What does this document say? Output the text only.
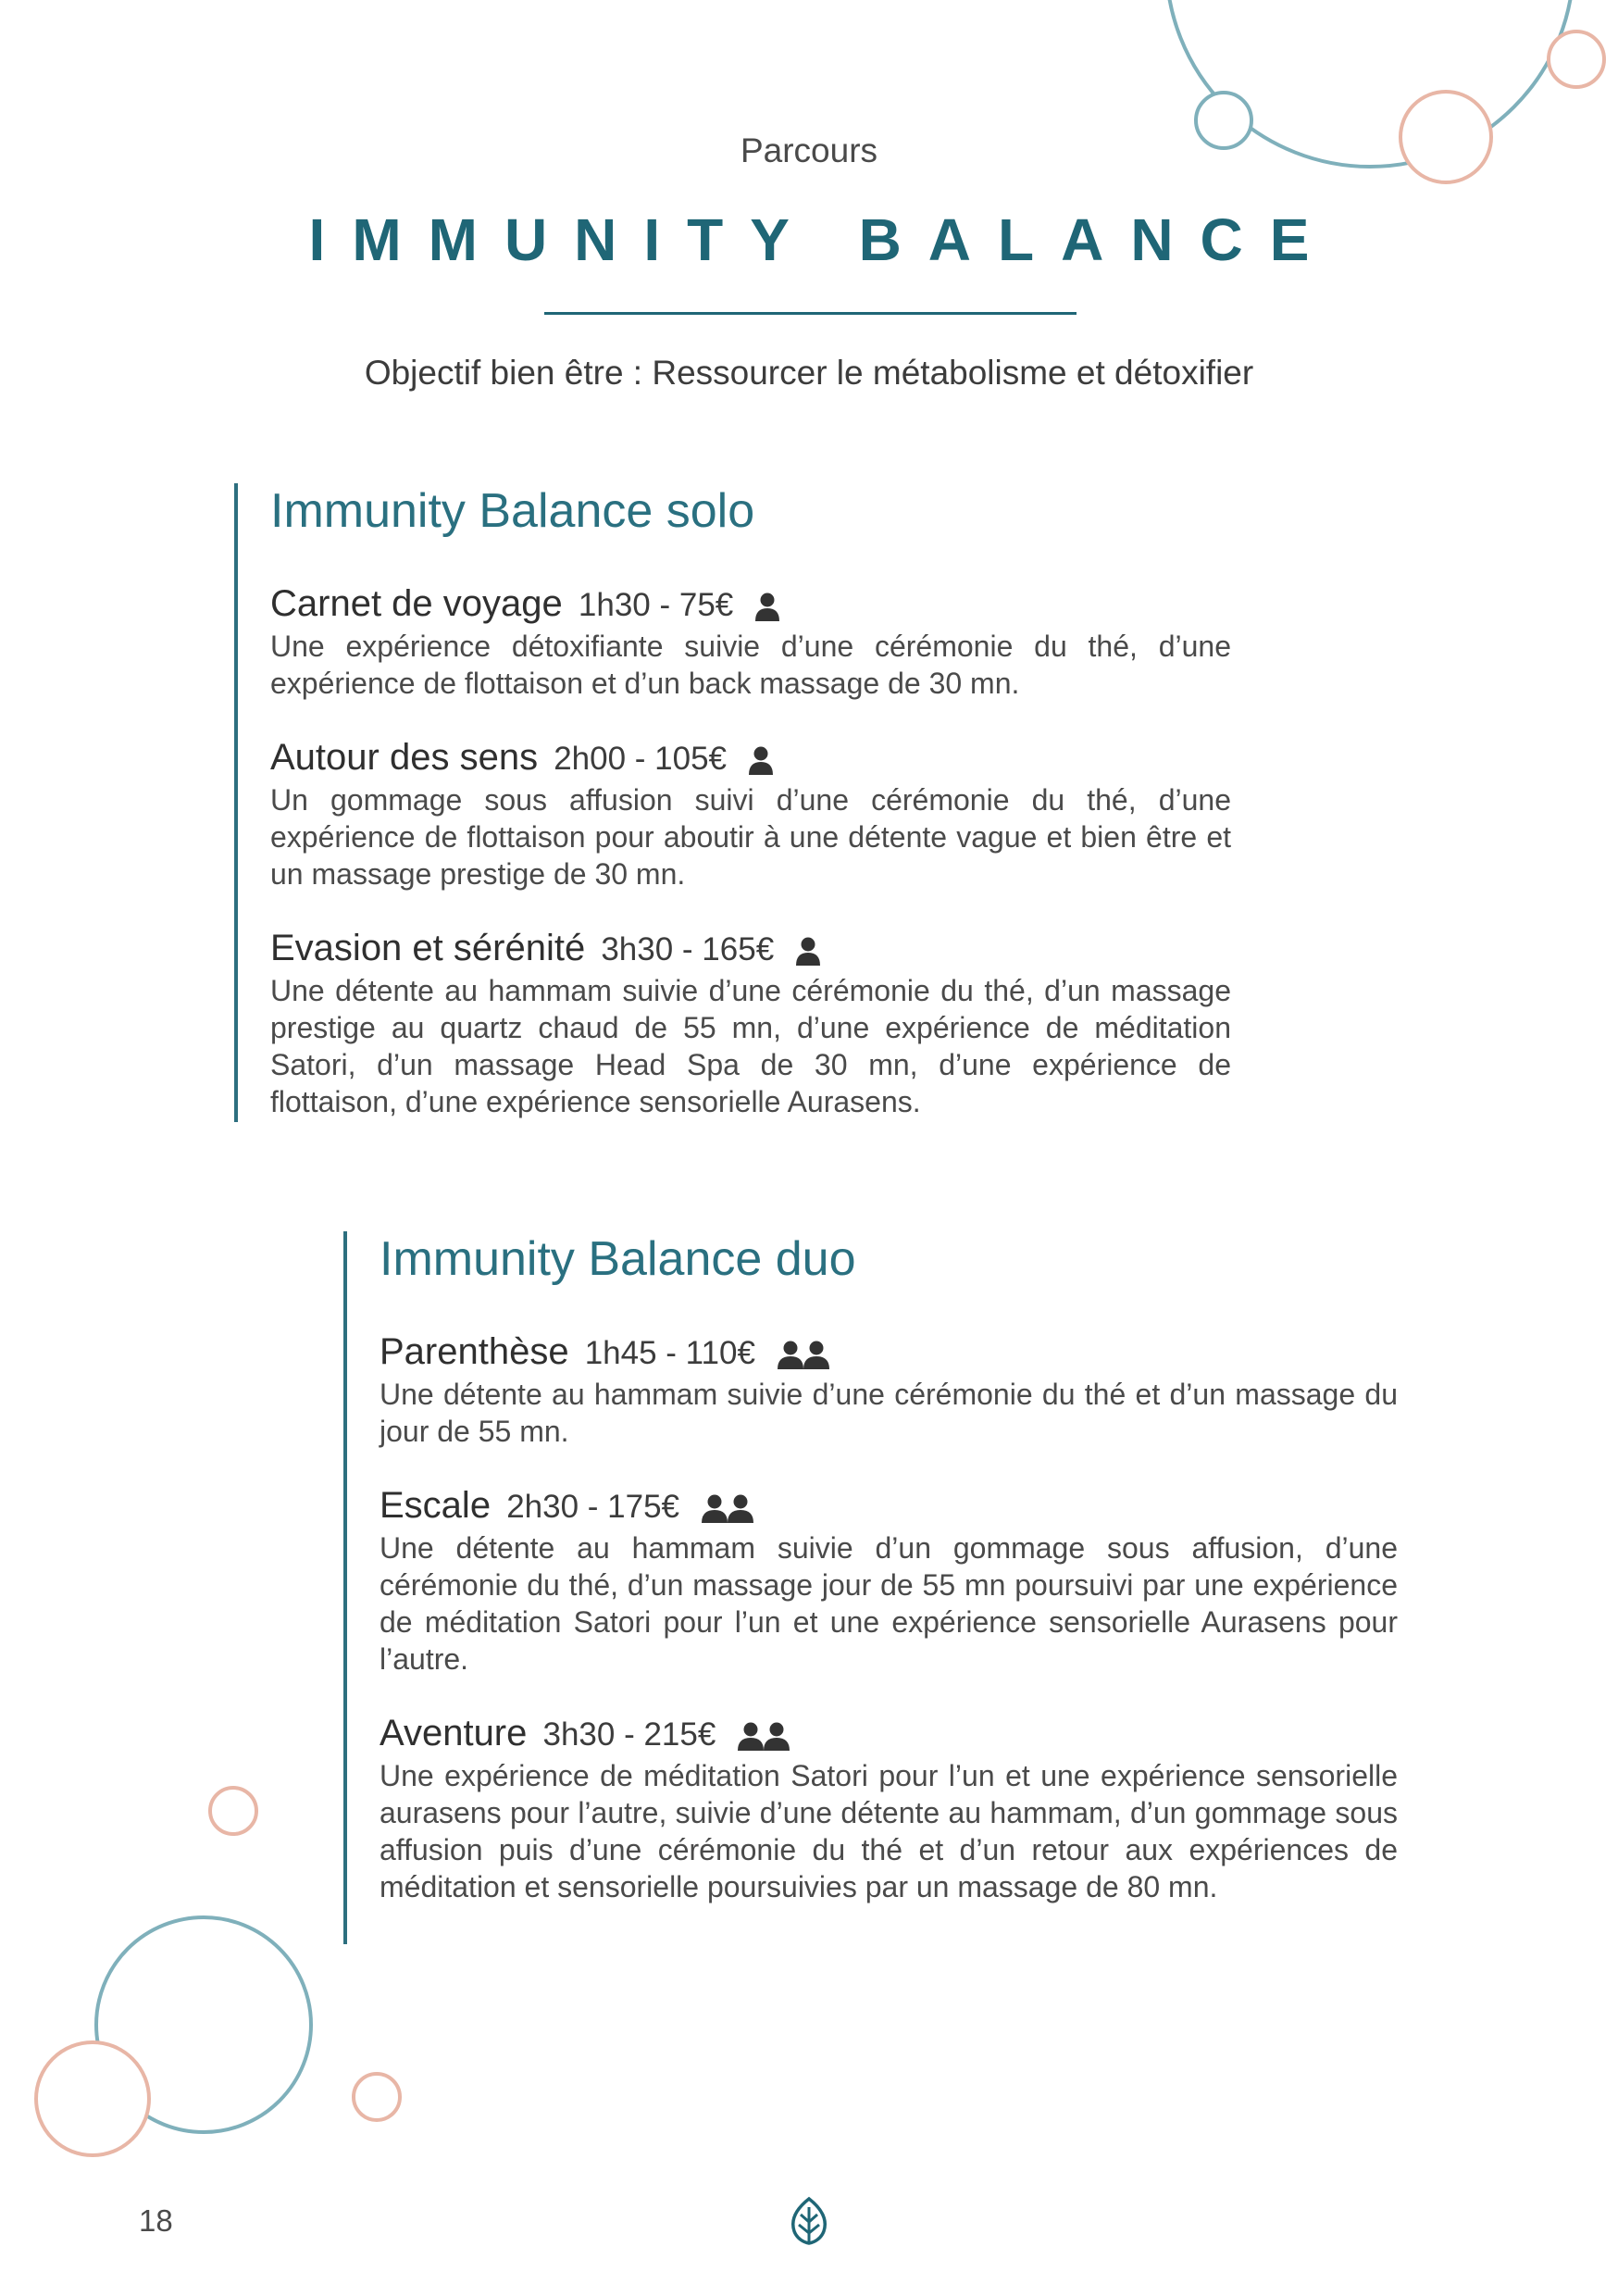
Parcours
IMMUNITY BALANCE
Objectif bien être : Ressourcer le métabolisme et détoxifier
Immunity Balance solo
Carnet de voyage 1h30 - 75€
Une expérience détoxifiante suivie d’une cérémonie du thé, d’une expérience de flottaison et d’un back massage de 30 mn.
Autour des sens 2h00 - 105€
Un gommage sous affusion suivi d’une cérémonie du thé, d’une expérience de flottaison pour aboutir à une détente vague et bien être et un massage prestige de 30 mn.
Evasion et sérénité 3h30 - 165€
Une détente au hammam suivie d’une cérémonie du thé, d’un massage prestige au quartz chaud de 55 mn, d’une expérience de méditation Satori, d’un massage Head Spa de 30 mn, d’une expérience de flottaison, d’une expérience sensorielle Aurasens.
Immunity Balance duo
Parenthèse 1h45 - 110€
Une détente au hammam suivie d’une cérémonie du thé et d’un massage du jour de 55 mn.
Escale 2h30 - 175€
Une détente au hammam suivie d’un gommage sous affusion, d’une cérémonie du thé, d’un massage jour de 55 mn poursuivi par une expérience de méditation Satori pour l’un et une expérience sensorielle Aurasens pour l’autre.
Aventure 3h30 - 215€
Une expérience de méditation Satori pour l’un et une expérience sensorielle aurasens pour l’autre, suivie d’une détente au hammam, d’un gommage sous affusion puis d’une cérémonie du thé et d’un retour aux expériences de méditation et sensorielle poursuivies par un massage de 80 mn.
18
